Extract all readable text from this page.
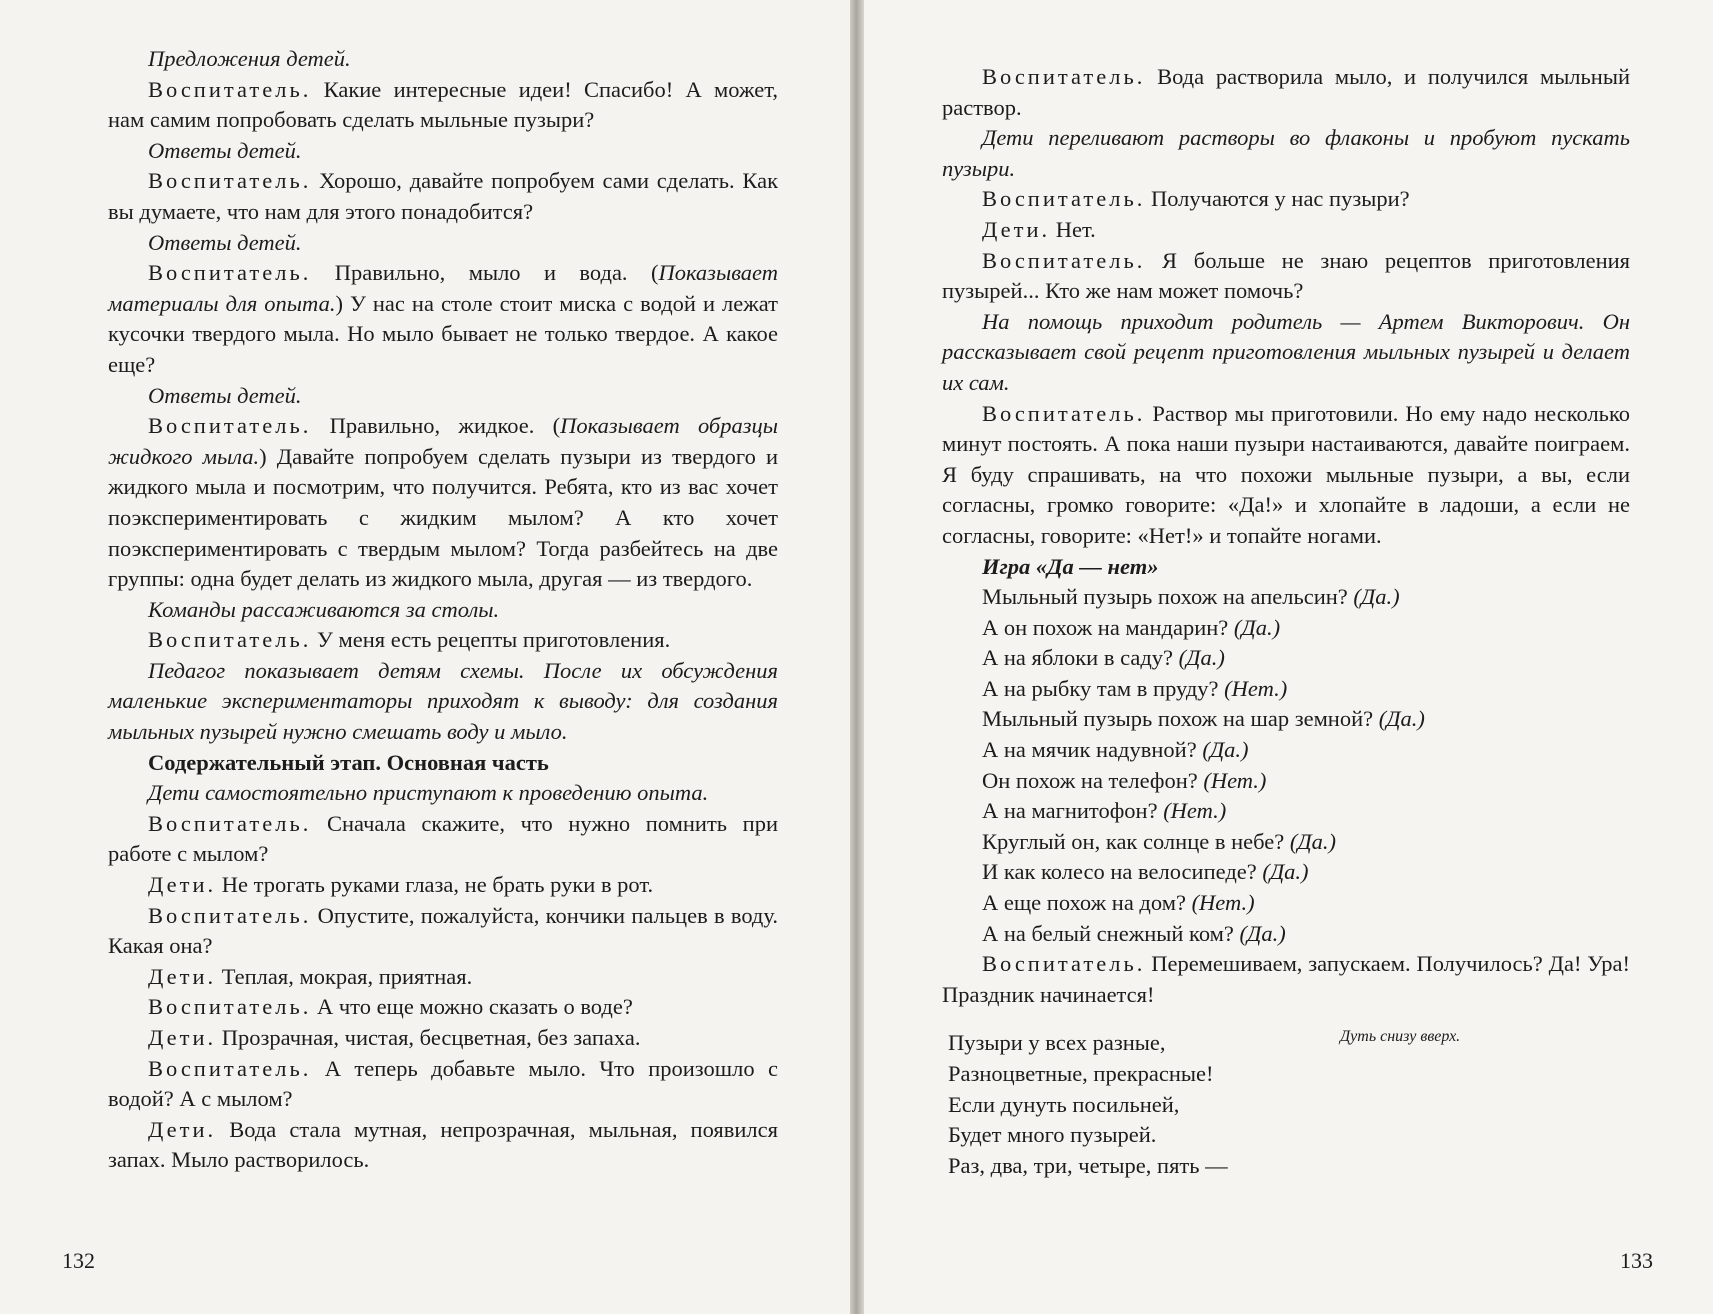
Предложения детей.

Воспитатель. Какие интересные идеи! Спасибо! А может, нам самим попробовать сделать мыльные пузыри?

Ответы детей.

Воспитатель. Хорошо, давайте попробуем сами сделать. Как вы думаете, что нам для этого понадобится?

Ответы детей.

Воспитатель. Правильно, мыло и вода. (Показывает материалы для опыта.) У нас на столе стоит миска с водой и лежат кусочки твердого мыла. Но мыло бывает не только твердое. А какое еще?

Ответы детей.

Воспитатель. Правильно, жидкое. (Показывает образцы жидкого мыла.) Давайте попробуем сделать пузыри из твердого и жидкого мыла и посмотрим, что получится. Ребята, кто из вас хочет поэкспериментировать с жидким мылом? А кто хочет поэкспериментировать с твердым мылом? Тогда разбейтесь на две группы: одна будет делать из жидкого мыла, другая — из твердого.

Команды рассаживаются за столы.

Воспитатель. У меня есть рецепты приготовления.

Педагог показывает детям схемы. После их обсуждения маленькие экспериментаторы приходят к выводу: для создания мыльных пузырей нужно смешать воду и мыло.

Содержательный этап. Основная часть

Дети самостоятельно приступают к проведению опыта.

Воспитатель. Сначала скажите, что нужно помнить при работе с мылом?

Дети. Не трогать руками глаза, не брать руки в рот.

Воспитатель. Опустите, пожалуйста, кончики пальцев в воду. Какая она?

Дети. Теплая, мокрая, приятная.

Воспитатель. А что еще можно сказать о воде?

Дети. Прозрачная, чистая, бесцветная, без запаха.

Воспитатель. А теперь добавьте мыло. Что произошло с водой? А с мылом?

Дети. Вода стала мутная, непрозрачная, мыльная, появился запах. Мыло растворилось.

132

Воспитатель. Вода растворила мыло, и получился мыльный раствор.

Дети переливают растворы во флаконы и пробуют пускать пузыри.

Воспитатель. Получаются у нас пузыри?

Дети. Нет.

Воспитатель. Я больше не знаю рецептов приготовления пузырей... Кто же нам может помочь?

На помощь приходит родитель — Артем Викторович. Он рассказывает свой рецепт приготовления мыльных пузырей и делает их сам.

Воспитатель. Раствор мы приготовили. Но ему надо несколько минут постоять. А пока наши пузыри настаиваются, давайте поиграем. Я буду спрашивать, на что похожи мыльные пузыри, а вы, если согласны, громко говорите: «Да!» и хлопайте в ладоши, а если не согласны, говорите: «Нет!» и топайте ногами.

Игра «Да — нет»

Мыльный пузырь похож на апельсин? (Да.)

А он похож на мандарин? (Да.)

А на яблоки в саду? (Да.)

А на рыбку там в пруду? (Нет.)

Мыльный пузырь похож на шар земной? (Да.)

А на мячик надувной? (Да.)

Он похож на телефон? (Нет.)

А на магнитофон? (Нет.)

Круглый он, как солнце в небе? (Да.)

И как колесо на велосипеде? (Да.)

А еще похож на дом? (Нет.)

А на белый снежный ком? (Да.)

Воспитатель. Перемешиваем, запускаем. Получилось? Да! Ура! Праздник начинается!

Дуть снизу вверх.

Пузыри у всех разные,

Разноцветные, прекрасные!

Если дунуть посильней,

Будет много пузырей.

Раз, два, три, четыре, пять —

133
